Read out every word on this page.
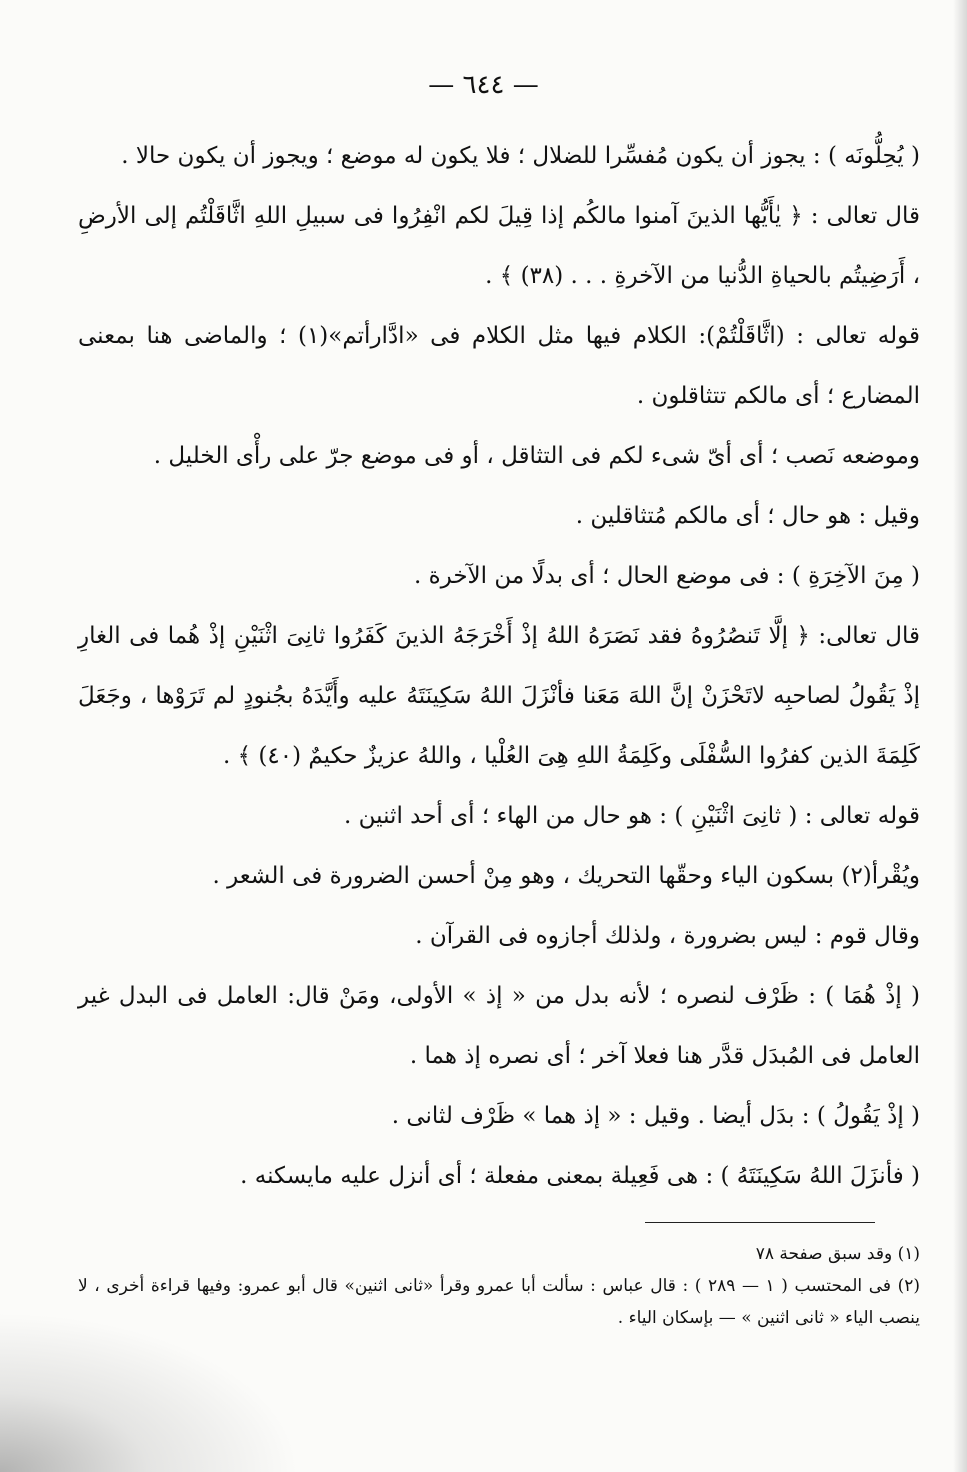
— ٦٤٤ —

( يُحِلُّونَه ) : يجوز أن يكون مُفسِّرا للضلال ؛ فلا يكون له موضع ؛ ويجوز أن يكون حالا .

قال تعالى : ﴿ يٰأَيُّها الذينَ آمنوا مالكُم إذا قِيلَ لكم انْفِرُوا فى سبيلِ اللهِ اثَّاقَلْتُم إلى الأرضِ ، أَرَضِيتُم بالحياةِ الدُّنيا من الآخرةِ . . . (٣٨) ﴾ .

قوله تعالى : (اثَّاقَلْتُمْ): الكلام فيها مثل الكلام فى «ادَّارأتم»(١) ؛ والماضى هنا بمعنى المضارع ؛ أى مالكم تتثاقلون .

وموضعه نَصب ؛ أى أىّ شىء لكم فى التثاقل ، أو فى موضع جرّ على رأْى الخليل .

وقيل : هو حال ؛ أى مالكم مُتثاقلين .

( مِنَ الآخِرَةِ ) : فى موضع الحال ؛ أى بدلًا من الآخرة .

قال تعالى: ﴿ إلَّا تَنصُرُوهُ فقد نَصَرَهُ اللهُ إذْ أَخْرَجَهُ الذينَ كَفَرُوا ثانِىَ اثْنَيْنِ إذْ هُما فى الغارِ إذْ يَقُولُ لصاحبِه لاتَحْزَنْ إنَّ اللهَ مَعَنا فأنْزَلَ اللهُ سَكِينَتَهُ عليه وأَيَّدَهُ بجُنودٍ لم تَرَوْها ، وجَعَلَ كَلِمَةَ الذين كفرُوا السُّفْلَى وكَلِمَةُ اللهِ هِىَ العُلْيا ، واللهُ عزيزٌ حكيمٌ (٤٠) ﴾ .

قوله تعالى : ( ثانِىَ اثْنَيْنِ ) : هو حال من الهاء ؛ أى أحد اثنين .

ويُقْرأ(٢) بسكون الياء وحقّها التحريك ، وهو مِنْ أحسن الضرورة فى الشعر .

وقال قوم : ليس بضرورة ، ولذلك أجازوه فى القرآن .

( إذْ هُمَا ) : ظَرْف لنصره ؛ لأنه بدل من « إذ » الأولى، ومَنْ قال: العامل فى البدل غير العامل فى المُبدَل قدَّر هنا فعلا آخر ؛ أى نصره إذ هما .

( إذْ يَقُولُ ) : بدَل أيضا . وقيل : « إذ هما » ظَرْف لثانى .

( فأنزَلَ اللهُ سَكِينَتَهُ ) : هى فَعِيلة بمعنى مفعلة ؛ أى أنزل عليه مايسكنه .

(١) وقد سبق صفحة ٧٨

(٢) فى المحتسب ( ١ — ٢٨٩ ) : قال عباس : سألت أبا عمرو وقرأ «ثانى اثنين» قال أبو عمرو: وفيها قراءة أخرى ، لا ينصب الياء « ثانى اثنين » — بإسكان الياء .
